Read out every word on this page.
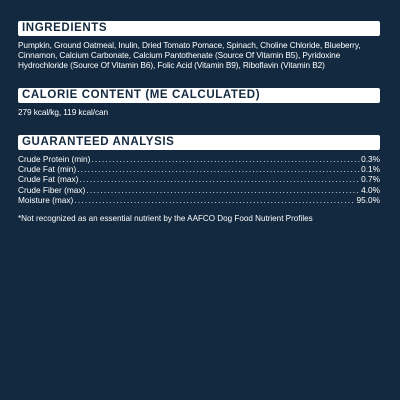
INGREDIENTS
Pumpkin, Ground Oatmeal, Inulin, Dried Tomato Pomace, Spinach, Choline Chloride, Blueberry, Cinnamon, Calcium Carbonate, Calcium Pantothenate (Source Of Vitamin B5), Pyridoxine Hydrochloride (Source Of Vitamin B6), Folic Acid (Vitamin B9), Riboflavin (Vitamin B2)
CALORIE CONTENT (ME CALCULATED)
279 kcal/kg, 119 kcal/can
GUARANTEED ANALYSIS
Crude Protein (min) .....	0.3%
Crude Fat (min) .....	0.1%
Crude Fat (max) .....	0.7%
Crude Fiber (max) .....	4.0%
Moisture (max) .....	95.0%
*Not recognized as an essential nutrient by the AAFCO Dog Food Nutrient Profiles
